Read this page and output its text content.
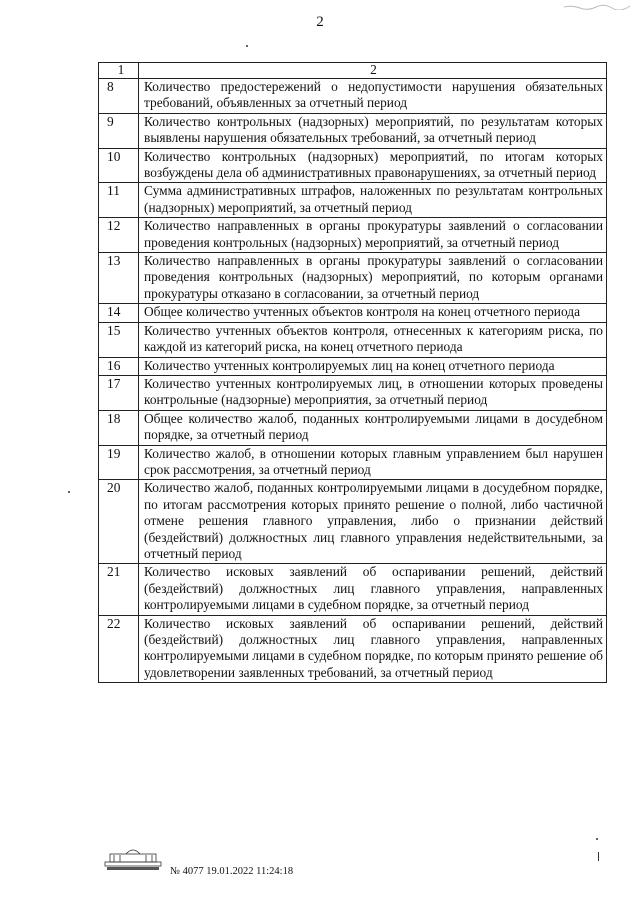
2
1	2
8	Количество предостережений о недопустимости нарушения обязательных требований, объявленных за отчетный период
9	Количество контрольных (надзорных) мероприятий, по результатам которых выявлены нарушения обязательных требований, за отчетный период
10	Количество контрольных (надзорных) мероприятий, по итогам которых возбуждены дела об административных правонарушениях, за отчетный период
11	Сумма административных штрафов, наложенных по результатам контрольных (надзорных) мероприятий, за отчетный период
12	Количество направленных в органы прокуратуры заявлений о согласовании проведения контрольных (надзорных) мероприятий, за отчетный период
13	Количество направленных в органы прокуратуры заявлений о согласовании проведения контрольных (надзорных) мероприятий, по которым органами прокуратуры отказано в согласовании, за отчетный период
14	Общее количество учтенных объектов контроля на конец отчетного периода
15	Количество учтенных объектов контроля, отнесенных к категориям риска, по каждой из категорий риска, на конец отчетного периода
16	Количество учтенных контролируемых лиц на конец отчетного периода
17	Количество учтенных контролируемых лиц, в отношении которых проведены контрольные (надзорные) мероприятия, за отчетный период
18	Общее количество жалоб, поданных контролируемыми лицами в досудебном порядке, за отчетный период
19	Количество жалоб, в отношении которых главным управлением был нарушен срок рассмотрения, за отчетный период
20	Количество жалоб, поданных контролируемыми лицами в досудебном порядке, по итогам рассмотрения которых принято решение о полной, либо частичной отмене решения главного управления, либо о признании действий (бездействий) должностных лиц главного управления недействительными, за отчетный период
21	Количество исковых заявлений об оспаривании решений, действий (бездействий) должностных лиц главного управления, направленных контролируемыми лицами в судебном порядке, за отчетный период
22	Количество исковых заявлений об оспаривании решений, действий (бездействий) должностных лиц главного управления, направленных контролируемыми лицами в судебном порядке, по которым принято решение об удовлетворении заявленных требований, за отчетный период
№ 4077 19.01.2022 11:24:18
